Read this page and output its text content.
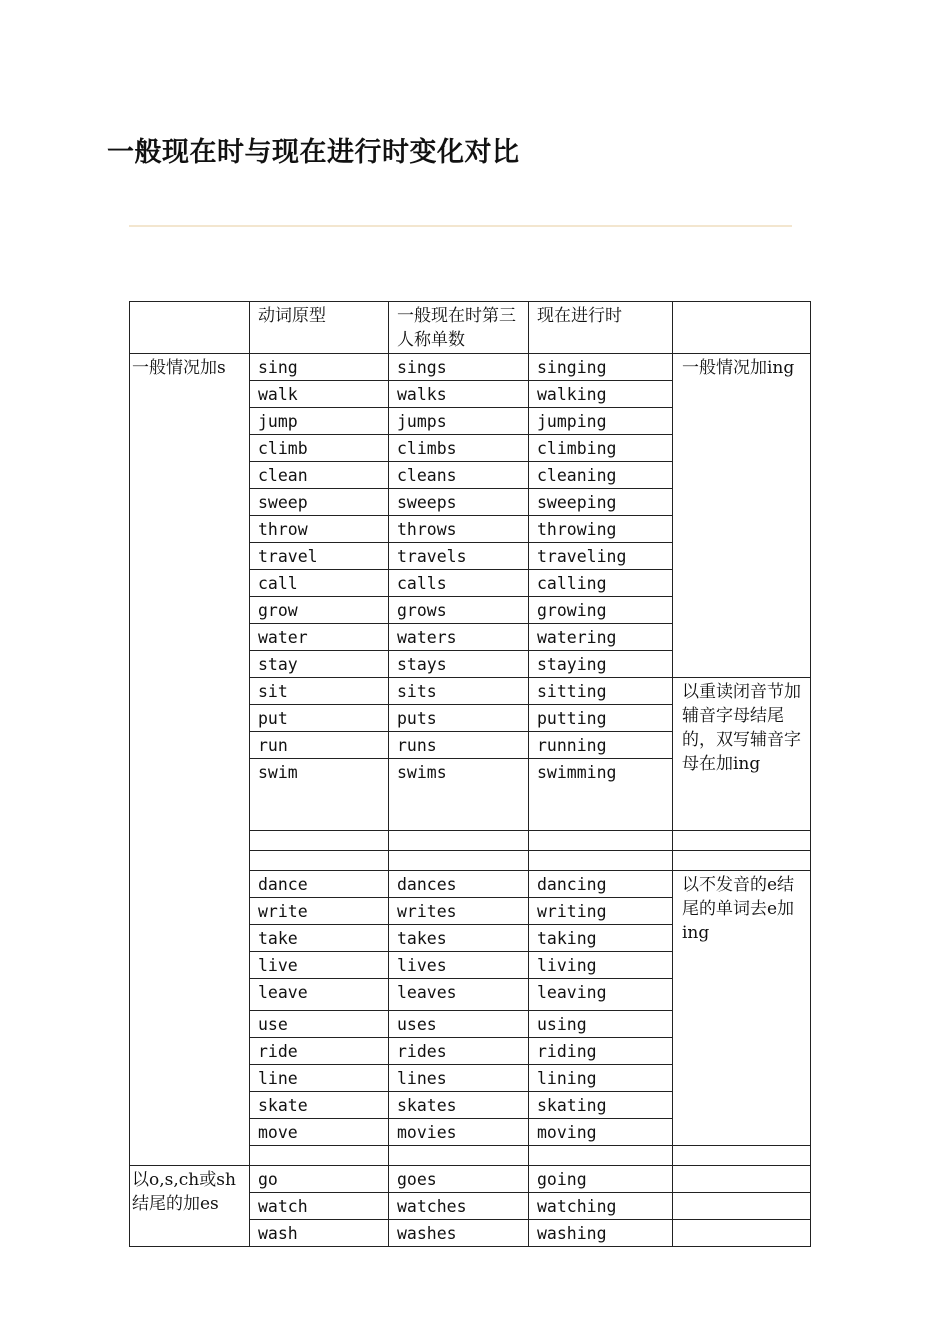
一般现在时与现在进行时变化对比
	动词原型	一般现在时第三人称单数	现在进行时	
一般情况加s	sing	sings	singing	一般情况加ing
	walk	walks	walking	
	jump	jumps	jumping	
	climb	climbs	climbing	
	clean	cleans	cleaning	
	sweep	sweeps	sweeping	
	throw	throws	throwing	
	travel	travels	traveling	
	call	calls	calling	
	grow	grows	growing	
	water	waters	watering	
	stay	stays	staying	
	sit	sits	sitting	以重读闭音节加辅音字母结尾的，双写辅音字母在加ing
	put	puts	putting	
	run	runs	running	
	swim	swims	swimming	

	dance	dances	dancing	以不发音的e结尾的单词去e加ing
	write	writes	writing	
	take	takes	taking	
	live	lives	living	
	leave	leaves	leaving	
	use	uses	using	
	ride	rides	riding	
	line	lines	lining	
	skate	skates	skating	
	move	movies	moving	

以o,s,ch或sh结尾的加es	go	goes	going	
	watch	watches	watching	
	wash	washes	washing	
